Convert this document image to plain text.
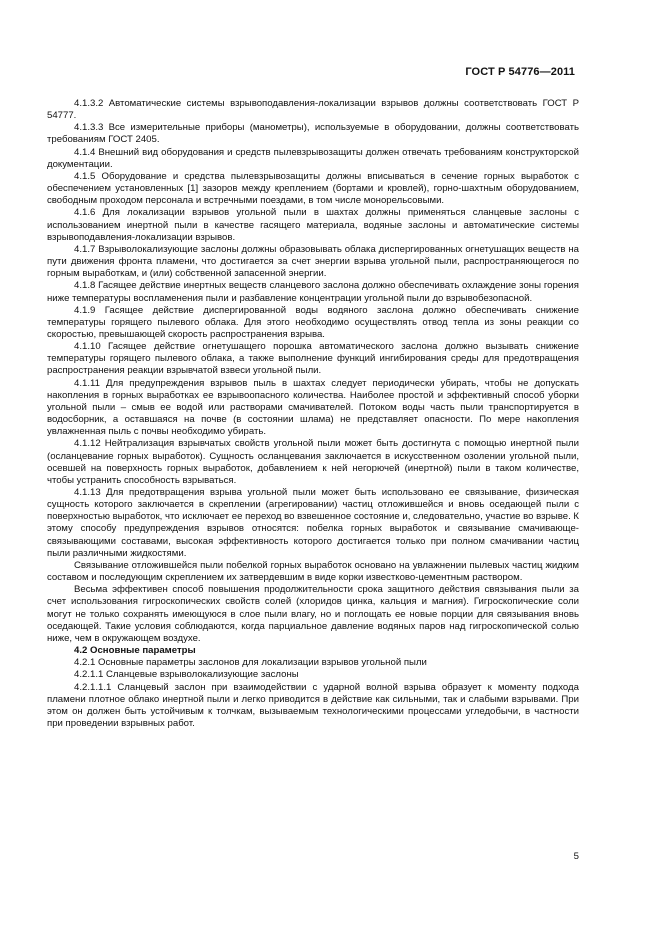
ГОСТ Р 54776—2011

4.1.3.2 Автоматические системы взрывоподавления-локализации взрывов должны соответствовать ГОСТ Р 54777.

4.1.3.3 Все измерительные приборы (манометры), используемые в оборудовании, должны соответствовать требованиям ГОСТ 2405.

4.1.4 Внешний вид оборудования и средств пылевзрывозащиты должен отвечать требованиям конструкторской документации.

4.1.5 Оборудование и средства пылевзрывозащиты должны вписываться в сечение горных выработок с обеспечением установленных [1] зазоров между креплением (бортами и кровлей), горно-шахтным оборудованием, свободным проходом персонала и встречными поездами, в том числе монорельсовыми.

4.1.6 Для локализации взрывов угольной пыли в шахтах должны применяться сланцевые заслоны с использованием инертной пыли в качестве гасящего материала, водяные заслоны и автоматические системы взрывоподавления-локализации взрывов.

4.1.7 Взрыволокализующие заслоны должны образовывать облака диспергированных огнетушащих веществ на пути движения фронта пламени, что достигается за счет энергии взрыва угольной пыли, распространяющегося по горным выработкам, и (или) собственной запасенной энергии.

4.1.8 Гасящее действие инертных веществ сланцевого заслона должно обеспечивать охлаждение зоны горения ниже температуры воспламенения пыли и разбавление концентрации угольной пыли до взрывобезопасной.

4.1.9 Гасящее действие диспергированной воды водяного заслона должно обеспечивать снижение температуры горящего пылевого облака. Для этого необходимо осуществлять отвод тепла из зоны реакции со скоростью, превышающей скорость распространения взрыва.

4.1.10 Гасящее действие огнетушащего порошка автоматического заслона должно вызывать снижение температуры горящего пылевого облака, а также выполнение функций ингибирования среды для предотвращения распространения реакции взрывчатой взвеси угольной пыли.

4.1.11 Для предупреждения взрывов пыль в шахтах следует периодически убирать, чтобы не допускать накопления в горных выработках ее взрывоопасного количества. Наиболее простой и эффективный способ уборки угольной пыли – смыв ее водой или растворами смачивателей. Потоком воды часть пыли транспортируется в водосборник, а оставшаяся на почве (в состоянии шлама) не представляет опасности. По мере накопления увлажненная пыль с почвы необходимо убирать.

4.1.12 Нейтрализация взрывчатых свойств угольной пыли может быть достигнута с помощью инертной пыли (осланцевание горных выработок). Сущность осланцевания заключается в искусственном озолении угольной пыли, осевшей на поверхность горных выработок, добавлением к ней негорючей (инертной) пыли в таком количестве, чтобы устранить способность взрываться.

4.1.13 Для предотвращения взрыва угольной пыли может быть использовано ее связывание, физическая сущность которого заключается в скреплении (агрегировании) частиц отложившейся и вновь оседающей пыли с поверхностью выработок, что исключает ее переход во взвешенное состояние и, следовательно, участие во взрыве. К этому способу предупреждения взрывов относятся: побелка горных выработок и связывание смачивающе-связывающими составами, высокая эффективность которого достигается только при полном смачивании частиц пыли различными жидкостями.

Связывание отложившейся пыли побелкой горных выработок основано на увлажнении пылевых частиц жидким составом и последующим скреплением их затвердевшим в виде корки известково-цементным раствором.

Весьма эффективен способ повышения продолжительности срока защитного действия связывания пыли за счет использования гигроскопических свойств солей (хлоридов цинка, кальция и магния). Гигроскопические соли могут не только сохранять имеющуюся в слое пыли влагу, но и поглощать ее новые порции для связывания вновь оседающей. Такие условия соблюдаются, когда парциальное давление водяных паров над гигроскопической солью ниже, чем в окружающем воздухе.

4.2 Основные параметры

4.2.1 Основные параметры заслонов для локализации взрывов угольной пыли

4.2.1.1 Сланцевые взрыволокализующие заслоны

4.2.1.1.1 Сланцевый заслон при взаимодействии с ударной волной взрыва образует к моменту подхода пламени плотное облако инертной пыли и легко приводится в действие как сильными, так и слабыми взрывами. При этом он должен быть устойчивым к толчкам, вызываемым технологическими процессами угледобычи, в частности при проведении взрывных работ.

5
